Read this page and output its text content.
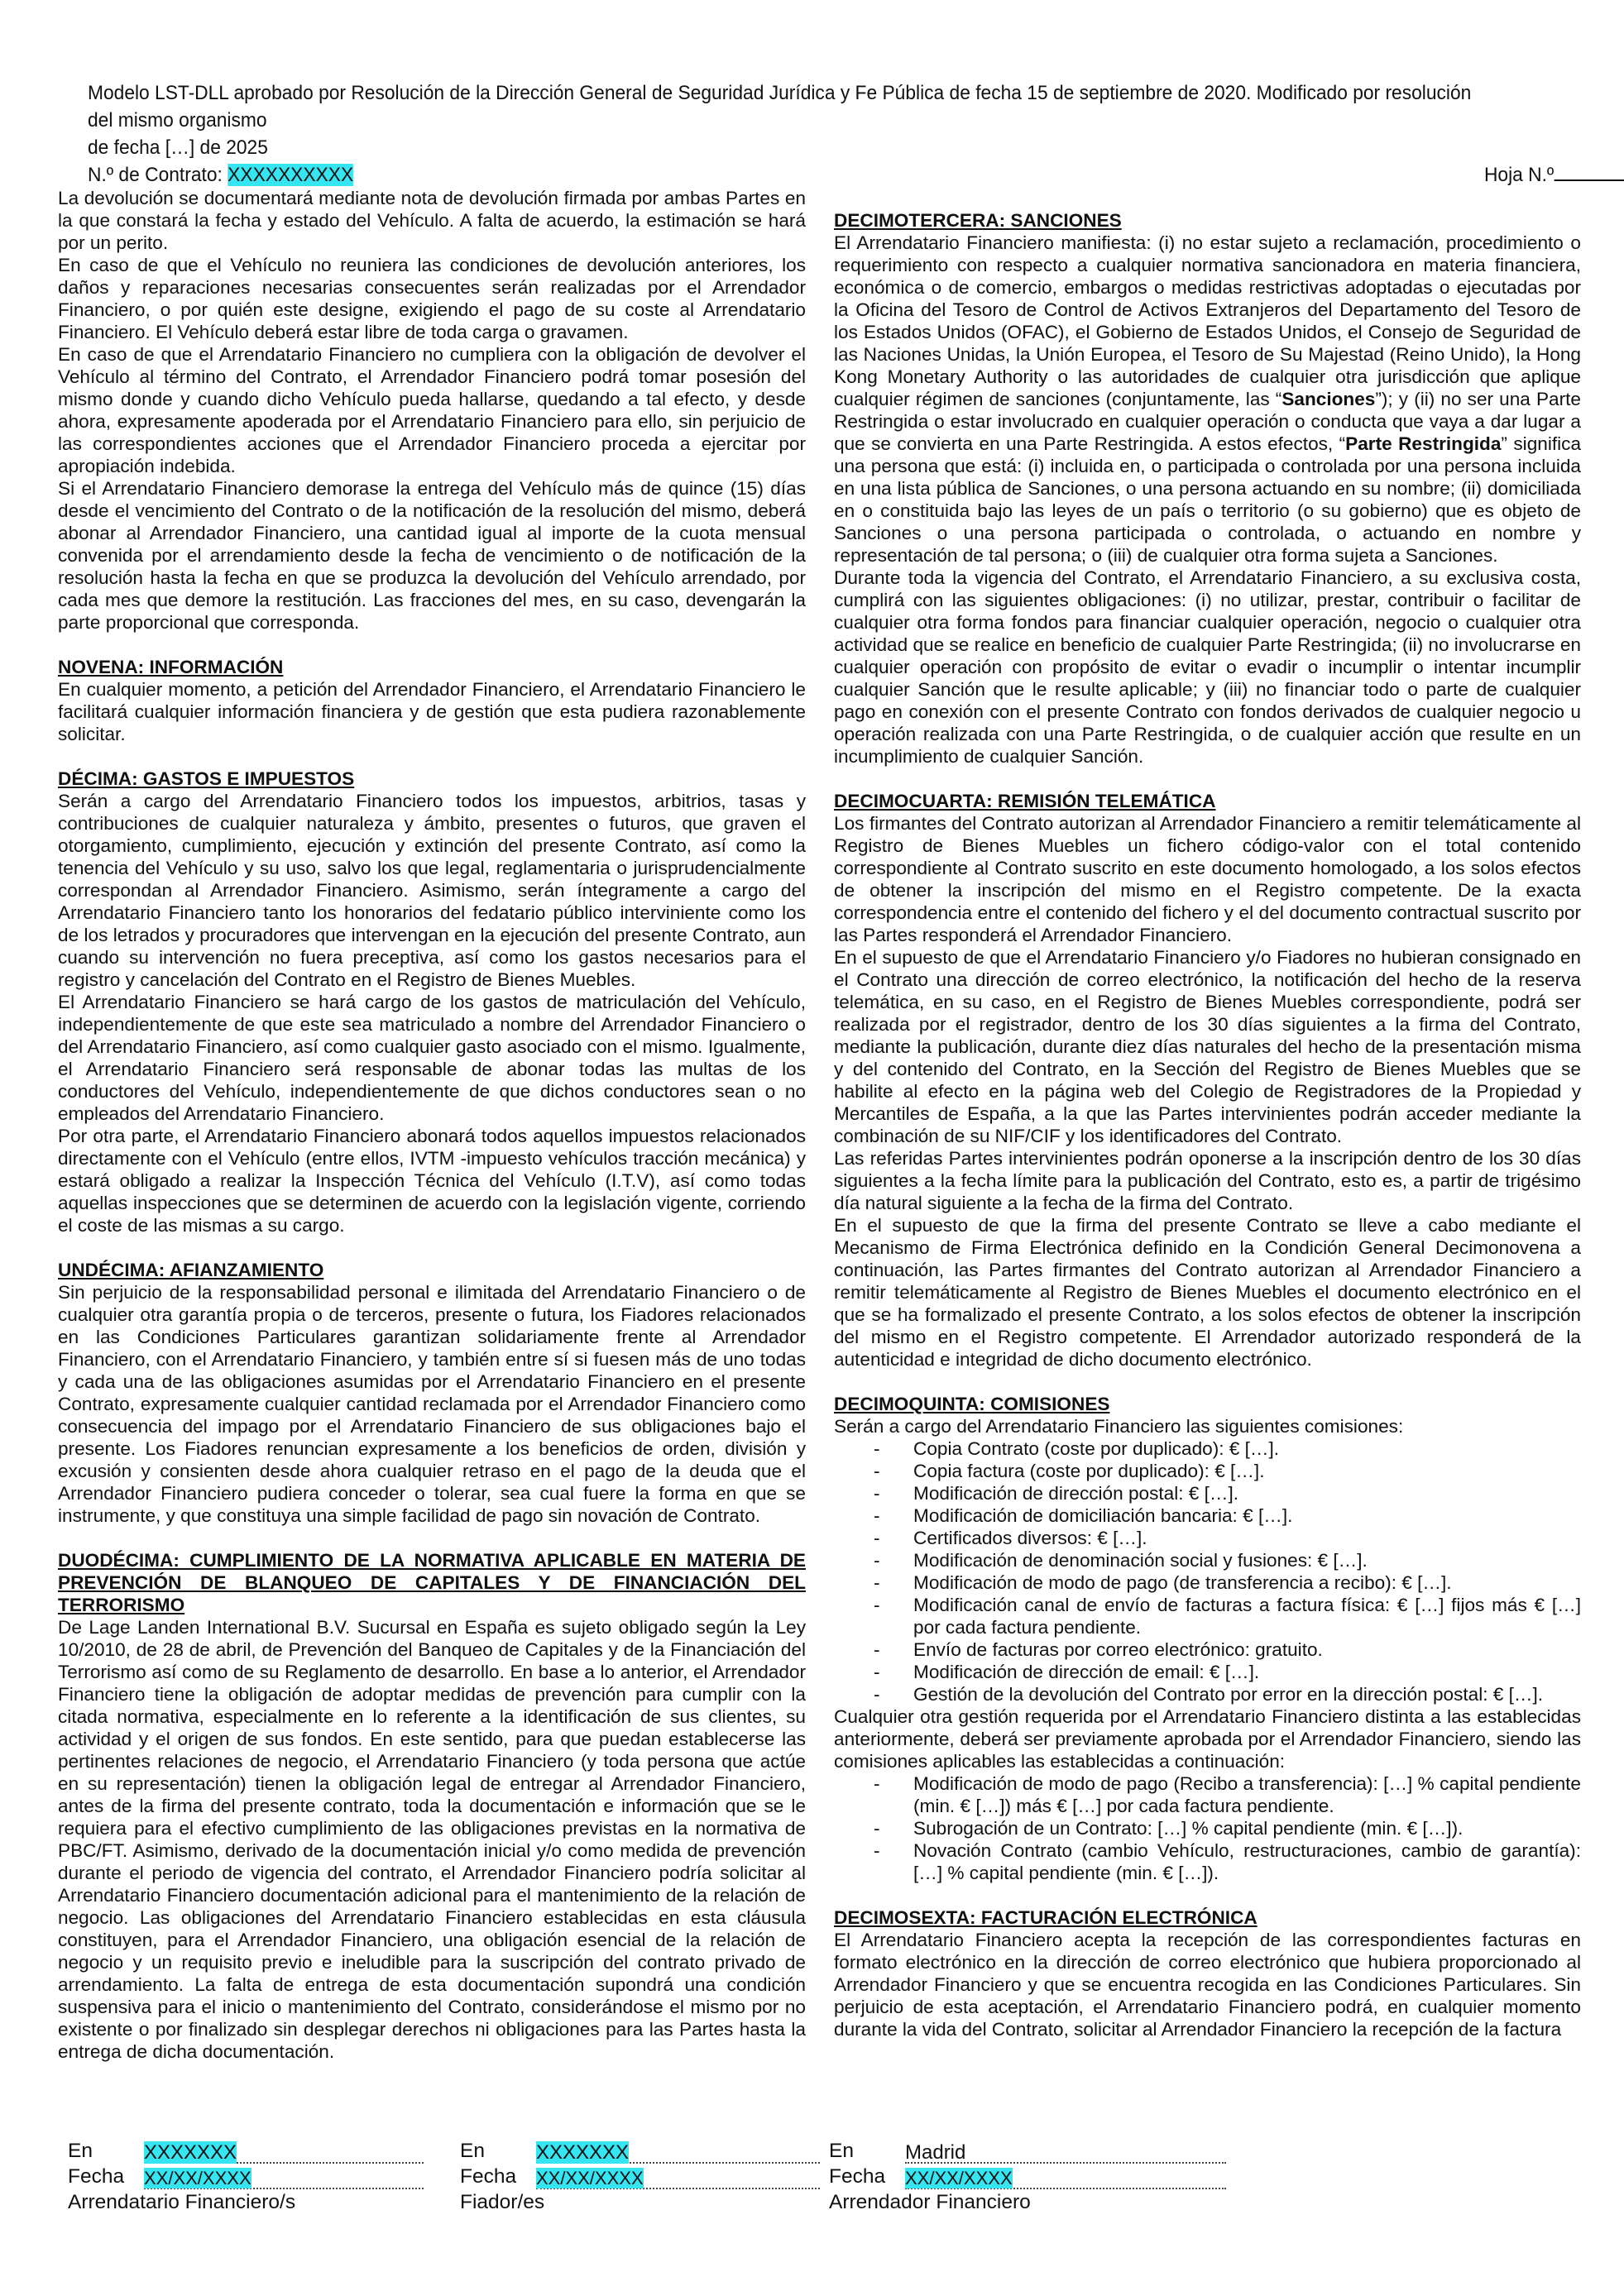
Modelo LST-DLL aprobado por Resolución de la Dirección General de Seguridad Jurídica y Fe Pública de fecha 15 de septiembre de 2020. Modificado por resolución del mismo organismo
de fecha […] de 2025
N.º de Contrato: XXXXXXXXXX	Hoja N.º

La devolución se documentará mediante nota de devolución firmada por ambas Partes en la que constará la fecha y estado del Vehículo. A falta de acuerdo, la estimación se hará por un perito.

En caso de que el Vehículo no reuniera las condiciones de devolución anteriores, los daños y reparaciones necesarias consecuentes serán realizadas por el Arrendador Financiero, o por quién este designe, exigiendo el pago de su coste al Arrendatario Financiero. El Vehículo deberá estar libre de toda carga o gravamen.

En caso de que el Arrendatario Financiero no cumpliera con la obligación de devolver el Vehículo al término del Contrato, el Arrendador Financiero podrá tomar posesión del mismo donde y cuando dicho Vehículo pueda hallarse, quedando a tal efecto, y desde ahora, expresamente apoderada por el Arrendatario Financiero para ello, sin perjuicio de las correspondientes acciones que el Arrendador Financiero proceda a ejercitar por apropiación indebida.

Si el Arrendatario Financiero demorase la entrega del Vehículo más de quince (15) días desde el vencimiento del Contrato o de la notificación de la resolución del mismo, deberá abonar al Arrendador Financiero, una cantidad igual al importe de la cuota mensual convenida por el arrendamiento desde la fecha de vencimiento o de notificación de la resolución hasta la fecha en que se produzca la devolución del Vehículo arrendado, por cada mes que demore la restitución. Las fracciones del mes, en su caso, devengarán la parte proporcional que corresponda.

NOVENA: INFORMACIÓN

En cualquier momento, a petición del Arrendador Financiero, el Arrendatario Financiero le facilitará cualquier información financiera y de gestión que esta pudiera razonablemente solicitar.

DÉCIMA: GASTOS E IMPUESTOS

Serán a cargo del Arrendatario Financiero todos los impuestos, arbitrios, tasas y contribuciones de cualquier naturaleza y ámbito, presentes o futuros, que graven el otorgamiento, cumplimiento, ejecución y extinción del presente Contrato, así como la tenencia del Vehículo y su uso, salvo los que legal, reglamentaria o jurisprudencialmente correspondan al Arrendador Financiero. Asimismo, serán íntegramente a cargo del Arrendatario Financiero tanto los honorarios del fedatario público interviniente como los de los letrados y procuradores que intervengan en la ejecución del presente Contrato, aun cuando su intervención no fuera preceptiva, así como los gastos necesarios para el registro y cancelación del Contrato en el Registro de Bienes Muebles.

El Arrendatario Financiero se hará cargo de los gastos de matriculación del Vehículo, independientemente de que este sea matriculado a nombre del Arrendador Financiero o del Arrendatario Financiero, así como cualquier gasto asociado con el mismo. Igualmente, el Arrendatario Financiero será responsable de abonar todas las multas de los conductores del Vehículo, independientemente de que dichos conductores sean o no empleados del Arrendatario Financiero.

Por otra parte, el Arrendatario Financiero abonará todos aquellos impuestos relacionados directamente con el Vehículo (entre ellos, IVTM -impuesto vehículos tracción mecánica) y estará obligado a realizar la Inspección Técnica del Vehículo (I.T.V), así como todas aquellas inspecciones que se determinen de acuerdo con la legislación vigente, corriendo el coste de las mismas a su cargo.

UNDÉCIMA: AFIANZAMIENTO

Sin perjuicio de la responsabilidad personal e ilimitada del Arrendatario Financiero o de cualquier otra garantía propia o de terceros, presente o futura, los Fiadores relacionados en las Condiciones Particulares garantizan solidariamente frente al Arrendador Financiero, con el Arrendatario Financiero, y también entre sí si fuesen más de uno todas y cada una de las obligaciones asumidas por el Arrendatario Financiero en el presente Contrato, expresamente cualquier cantidad reclamada por el Arrendador Financiero como consecuencia del impago por el Arrendatario Financiero de sus obligaciones bajo el presente. Los Fiadores renuncian expresamente a los beneficios de orden, división y excusión y consienten desde ahora cualquier retraso en el pago de la deuda que el Arrendador Financiero pudiera conceder o tolerar, sea cual fuere la forma en que se instrumente, y que constituya una simple facilidad de pago sin novación de Contrato.

DUODÉCIMA: CUMPLIMIENTO DE LA NORMATIVA APLICABLE EN MATERIA DE PREVENCIÓN DE BLANQUEO DE CAPITALES Y DE FINANCIACIÓN DEL TERRORISMO

De Lage Landen International B.V. Sucursal en España es sujeto obligado según la Ley 10/2010, de 28 de abril, de Prevención del Banqueo de Capitales y de la Financiación del Terrorismo así como de su Reglamento de desarrollo. En base a lo anterior, el Arrendador Financiero tiene la obligación de adoptar medidas de prevención para cumplir con la citada normativa, especialmente en lo referente a la identificación de sus clientes, su actividad y el origen de sus fondos. En este sentido, para que puedan establecerse las pertinentes relaciones de negocio, el Arrendatario Financiero (y toda persona que actúe en su representación) tienen la obligación legal de entregar al Arrendador Financiero, antes de la firma del presente contrato, toda la documentación e información que se le requiera para el efectivo cumplimiento de las obligaciones previstas en la normativa de PBC/FT. Asimismo, derivado de la documentación inicial y/o como medida de prevención durante el periodo de vigencia del contrato, el Arrendador Financiero podría solicitar al Arrendatario Financiero documentación adicional para el mantenimiento de la relación de negocio. Las obligaciones del Arrendatario Financiero establecidas en esta cláusula constituyen, para el Arrendador Financiero, una obligación esencial de la relación de negocio y un requisito previo e ineludible para la suscripción del contrato privado de arrendamiento. La falta de entrega de esta documentación supondrá una condición suspensiva para el inicio o mantenimiento del Contrato, considerándose el mismo por no existente o por finalizado sin desplegar derechos ni obligaciones para las Partes hasta la entrega de dicha documentación.

DECIMOTERCERA: SANCIONES

El Arrendatario Financiero manifiesta: (i) no estar sujeto a reclamación, procedimiento o requerimiento con respecto a cualquier normativa sancionadora en materia financiera, económica o de comercio, embargos o medidas restrictivas adoptadas o ejecutadas por la Oficina del Tesoro de Control de Activos Extranjeros del Departamento del Tesoro de los Estados Unidos (OFAC), el Gobierno de Estados Unidos, el Consejo de Seguridad de las Naciones Unidas, la Unión Europea, el Tesoro de Su Majestad (Reino Unido), la Hong Kong Monetary Authority o las autoridades de cualquier otra jurisdicción que aplique cualquier régimen de sanciones (conjuntamente, las “Sanciones”); y (ii) no ser una Parte Restringida o estar involucrado en cualquier operación o conducta que vaya a dar lugar a que se convierta en una Parte Restringida. A estos efectos, “Parte Restringida” significa una persona que está: (i) incluida en, o participada o controlada por una persona incluida en una lista pública de Sanciones, o una persona actuando en su nombre; (ii) domiciliada en o constituida bajo las leyes de un país o territorio (o su gobierno) que es objeto de Sanciones o una persona participada o controlada, o actuando en nombre y representación de tal persona; o (iii) de cualquier otra forma sujeta a Sanciones.

Durante toda la vigencia del Contrato, el Arrendatario Financiero, a su exclusiva costa, cumplirá con las siguientes obligaciones: (i) no utilizar, prestar, contribuir o facilitar de cualquier otra forma fondos para financiar cualquier operación, negocio o cualquier otra actividad que se realice en beneficio de cualquier Parte Restringida; (ii) no involucrarse en cualquier operación con propósito de evitar o evadir o incumplir o intentar incumplir cualquier Sanción que le resulte aplicable; y (iii) no financiar todo o parte de cualquier pago en conexión con el presente Contrato con fondos derivados de cualquier negocio u operación realizada con una Parte Restringida, o de cualquier acción que resulte en un incumplimiento de cualquier Sanción.

DECIMOCUARTA: REMISIÓN TELEMÁTICA

Los firmantes del Contrato autorizan al Arrendador Financiero a remitir telemáticamente al Registro de Bienes Muebles un fichero código-valor con el total contenido correspondiente al Contrato suscrito en este documento homologado, a los solos efectos de obtener la inscripción del mismo en el Registro competente. De la exacta correspondencia entre el contenido del fichero y el del documento contractual suscrito por las Partes responderá el Arrendador Financiero.

En el supuesto de que el Arrendatario Financiero y/o Fiadores no hubieran consignado en el Contrato una dirección de correo electrónico, la notificación del hecho de la reserva telemática, en su caso, en el Registro de Bienes Muebles correspondiente, podrá ser realizada por el registrador, dentro de los 30 días siguientes a la firma del Contrato, mediante la publicación, durante diez días naturales del hecho de la presentación misma y del contenido del Contrato, en la Sección del Registro de Bienes Muebles que se habilite al efecto en la página web del Colegio de Registradores de la Propiedad y Mercantiles de España, a la que las Partes intervinientes podrán acceder mediante la combinación de su NIF/CIF y los identificadores del Contrato.

Las referidas Partes intervinientes podrán oponerse a la inscripción dentro de los 30 días siguientes a la fecha límite para la publicación del Contrato, esto es, a partir de trigésimo día natural siguiente a la fecha de la firma del Contrato.

En el supuesto de que la firma del presente Contrato se lleve a cabo mediante el Mecanismo de Firma Electrónica definido en la Condición General Decimonovena a continuación, las Partes firmantes del Contrato autorizan al Arrendador Financiero a remitir telemáticamente al Registro de Bienes Muebles el documento electrónico en el que se ha formalizado el presente Contrato, a los solos efectos de obtener la inscripción del mismo en el Registro competente. El Arrendador autorizado responderá de la autenticidad e integridad de dicho documento electrónico.

DECIMOQUINTA: COMISIONES

Serán a cargo del Arrendatario Financiero las siguientes comisiones:

- Copia Contrato (coste por duplicado): € […].
- Copia factura (coste por duplicado): € […].
- Modificación de dirección postal: € […].
- Modificación de domiciliación bancaria: € […].
- Certificados diversos: € […].
- Modificación de denominación social y fusiones: € […].
- Modificación de modo de pago (de transferencia a recibo): € […].
- Modificación canal de envío de facturas a factura física: € […] fijos más € […] por cada factura pendiente.
- Envío de facturas por correo electrónico: gratuito.
- Modificación de dirección de email: € […].
- Gestión de la devolución del Contrato por error en la dirección postal: € […].

Cualquier otra gestión requerida por el Arrendatario Financiero distinta a las establecidas anteriormente, deberá ser previamente aprobada por el Arrendador Financiero, siendo las comisiones aplicables las establecidas a continuación:

- Modificación de modo de pago (Recibo a transferencia): […] % capital pendiente (min. € […]) más € […] por cada factura pendiente.
- Subrogación de un Contrato: […] % capital pendiente (min. € […]).
- Novación Contrato (cambio Vehículo, restructuraciones, cambio de garantía): […] % capital pendiente (min. € […]).
DECIMOSEXTA: FACTURACIÓN ELECTRÓNICA

El Arrendatario Financiero acepta la recepción de las correspondientes facturas en formato electrónico en la dirección de correo electrónico que hubiera proporcionado al Arrendador Financiero y que se encuentra recogida en las Condiciones Particulares. Sin perjuicio de esta aceptación, el Arrendatario Financiero podrá, en cualquier momento durante la vida del Contrato, solicitar al Arrendador Financiero la recepción de la factura

En	XXXXXXX
Fecha XX/XX/XXXX
Arrendatario Financiero/s
En	XXXXXXX
Fecha XX/XX/XXXX
Fiador/es
En	Madrid
Fecha XX/XX/XXXX
Arrendador Financiero
